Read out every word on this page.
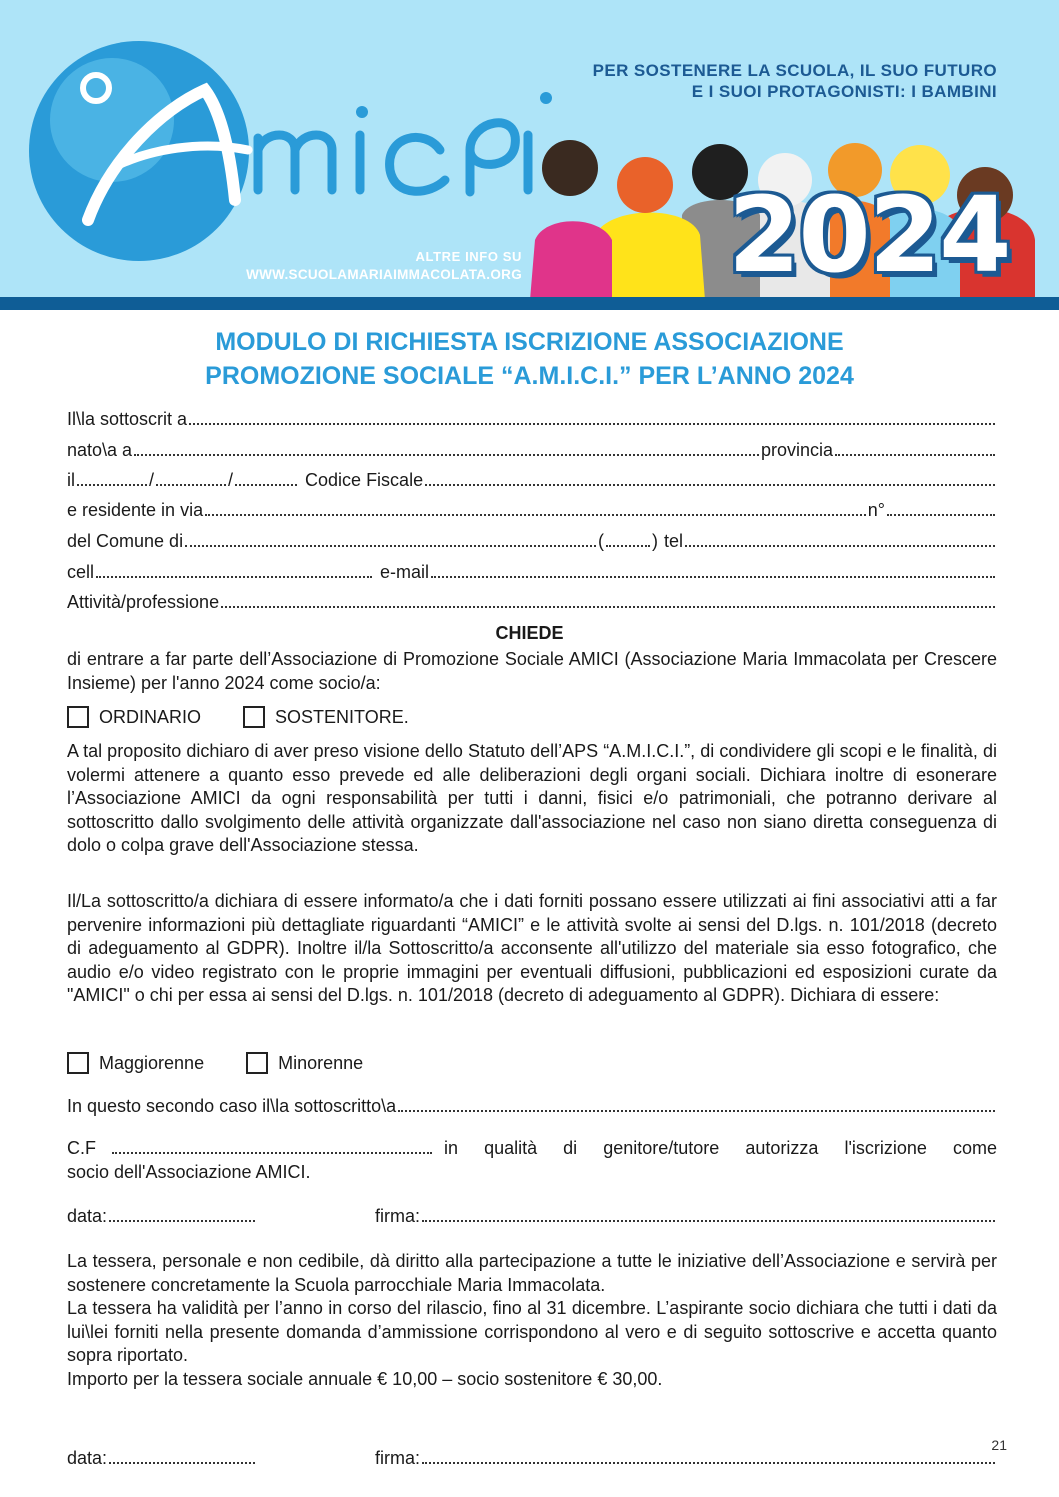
PER SOSTENERE LA SCUOLA, IL SUO FUTURO
E I SUOI PROTAGONISTI: I BAMBINI
ALTRE INFO SU
WWW.SCUOLAMARIAIMMACOLATA.ORG 2024
MODULO DI RICHIESTA ISCRIZIONE ASSOCIAZIONE
PROMOZIONE SOCIALE “A.M.I.C.I.” PER L’ANNO 2024
Il\la sottoscrit a
nato\a a	provincia
il	/	/	Codice Fiscale
e residente in via	n°
del Comune di	(	) tel
cell	e-mail
Attività/professione
CHIEDE
di entrare a far parte dell’Associazione di Promozione Sociale AMICI (Associazione Maria Immacolata per Crescere Insieme) per l'anno 2024 come socio/a:
ORDINARIO	SOSTENITORE.
A tal proposito dichiaro di aver preso visione dello Statuto dell’APS “A.M.I.C.I.”, di condividere gli scopi e le finalità, di volermi attenere a quanto esso prevede ed alle deliberazioni degli organi sociali. Dichiara inoltre di esonerare l’Associazione AMICI da ogni responsabilità per tutti i danni, fisici e/o patrimoniali, che potranno derivare al sottoscritto dallo svolgimento delle attività organizzate dall'associazione nel caso non siano diretta conseguenza di dolo o colpa grave dell'Associazione stessa.
Il/La sottoscritto/a dichiara di essere informato/a che i dati forniti possano essere utilizzati ai fini associativi atti a far pervenire informazioni più dettagliate riguardanti “AMICI” e le attività svolte ai sensi del D.lgs. n. 101/2018 (decreto di adeguamento al GDPR). Inoltre il/la Sottoscritto/a acconsente all'utilizzo del materiale sia esso fotografico, che audio e/o video registrato con le proprie immagini per eventuali diffusioni, pubblicazioni ed esposizioni curate da "AMICI" o chi per essa ai sensi del D.lgs. n. 101/2018 (decreto di adeguamento al GDPR). Dichiara di essere:
Maggiorenne	Minorenne
In questo secondo caso il\la sottoscritto\a
C.F	in qualità di genitore/tutore autorizza l'iscrizione come
socio dell'Associazione AMICI.
data:	firma:
La tessera, personale e non cedibile, dà diritto alla partecipazione a tutte le iniziative dell’Associazione e servirà per sostenere concretamente la Scuola parrocchiale Maria Immacolata.
La tessera ha validità per l’anno in corso del rilascio, fino al 31 dicembre. L’aspirante socio dichiara che tutti i dati da lui\lei forniti nella presente domanda d’ammissione corrispondono al vero e di seguito sottoscrive e accetta quanto sopra riportato.
Importo per la tessera sociale annuale € 10,00 – socio sostenitore € 30,00.
data:	firma:
21
